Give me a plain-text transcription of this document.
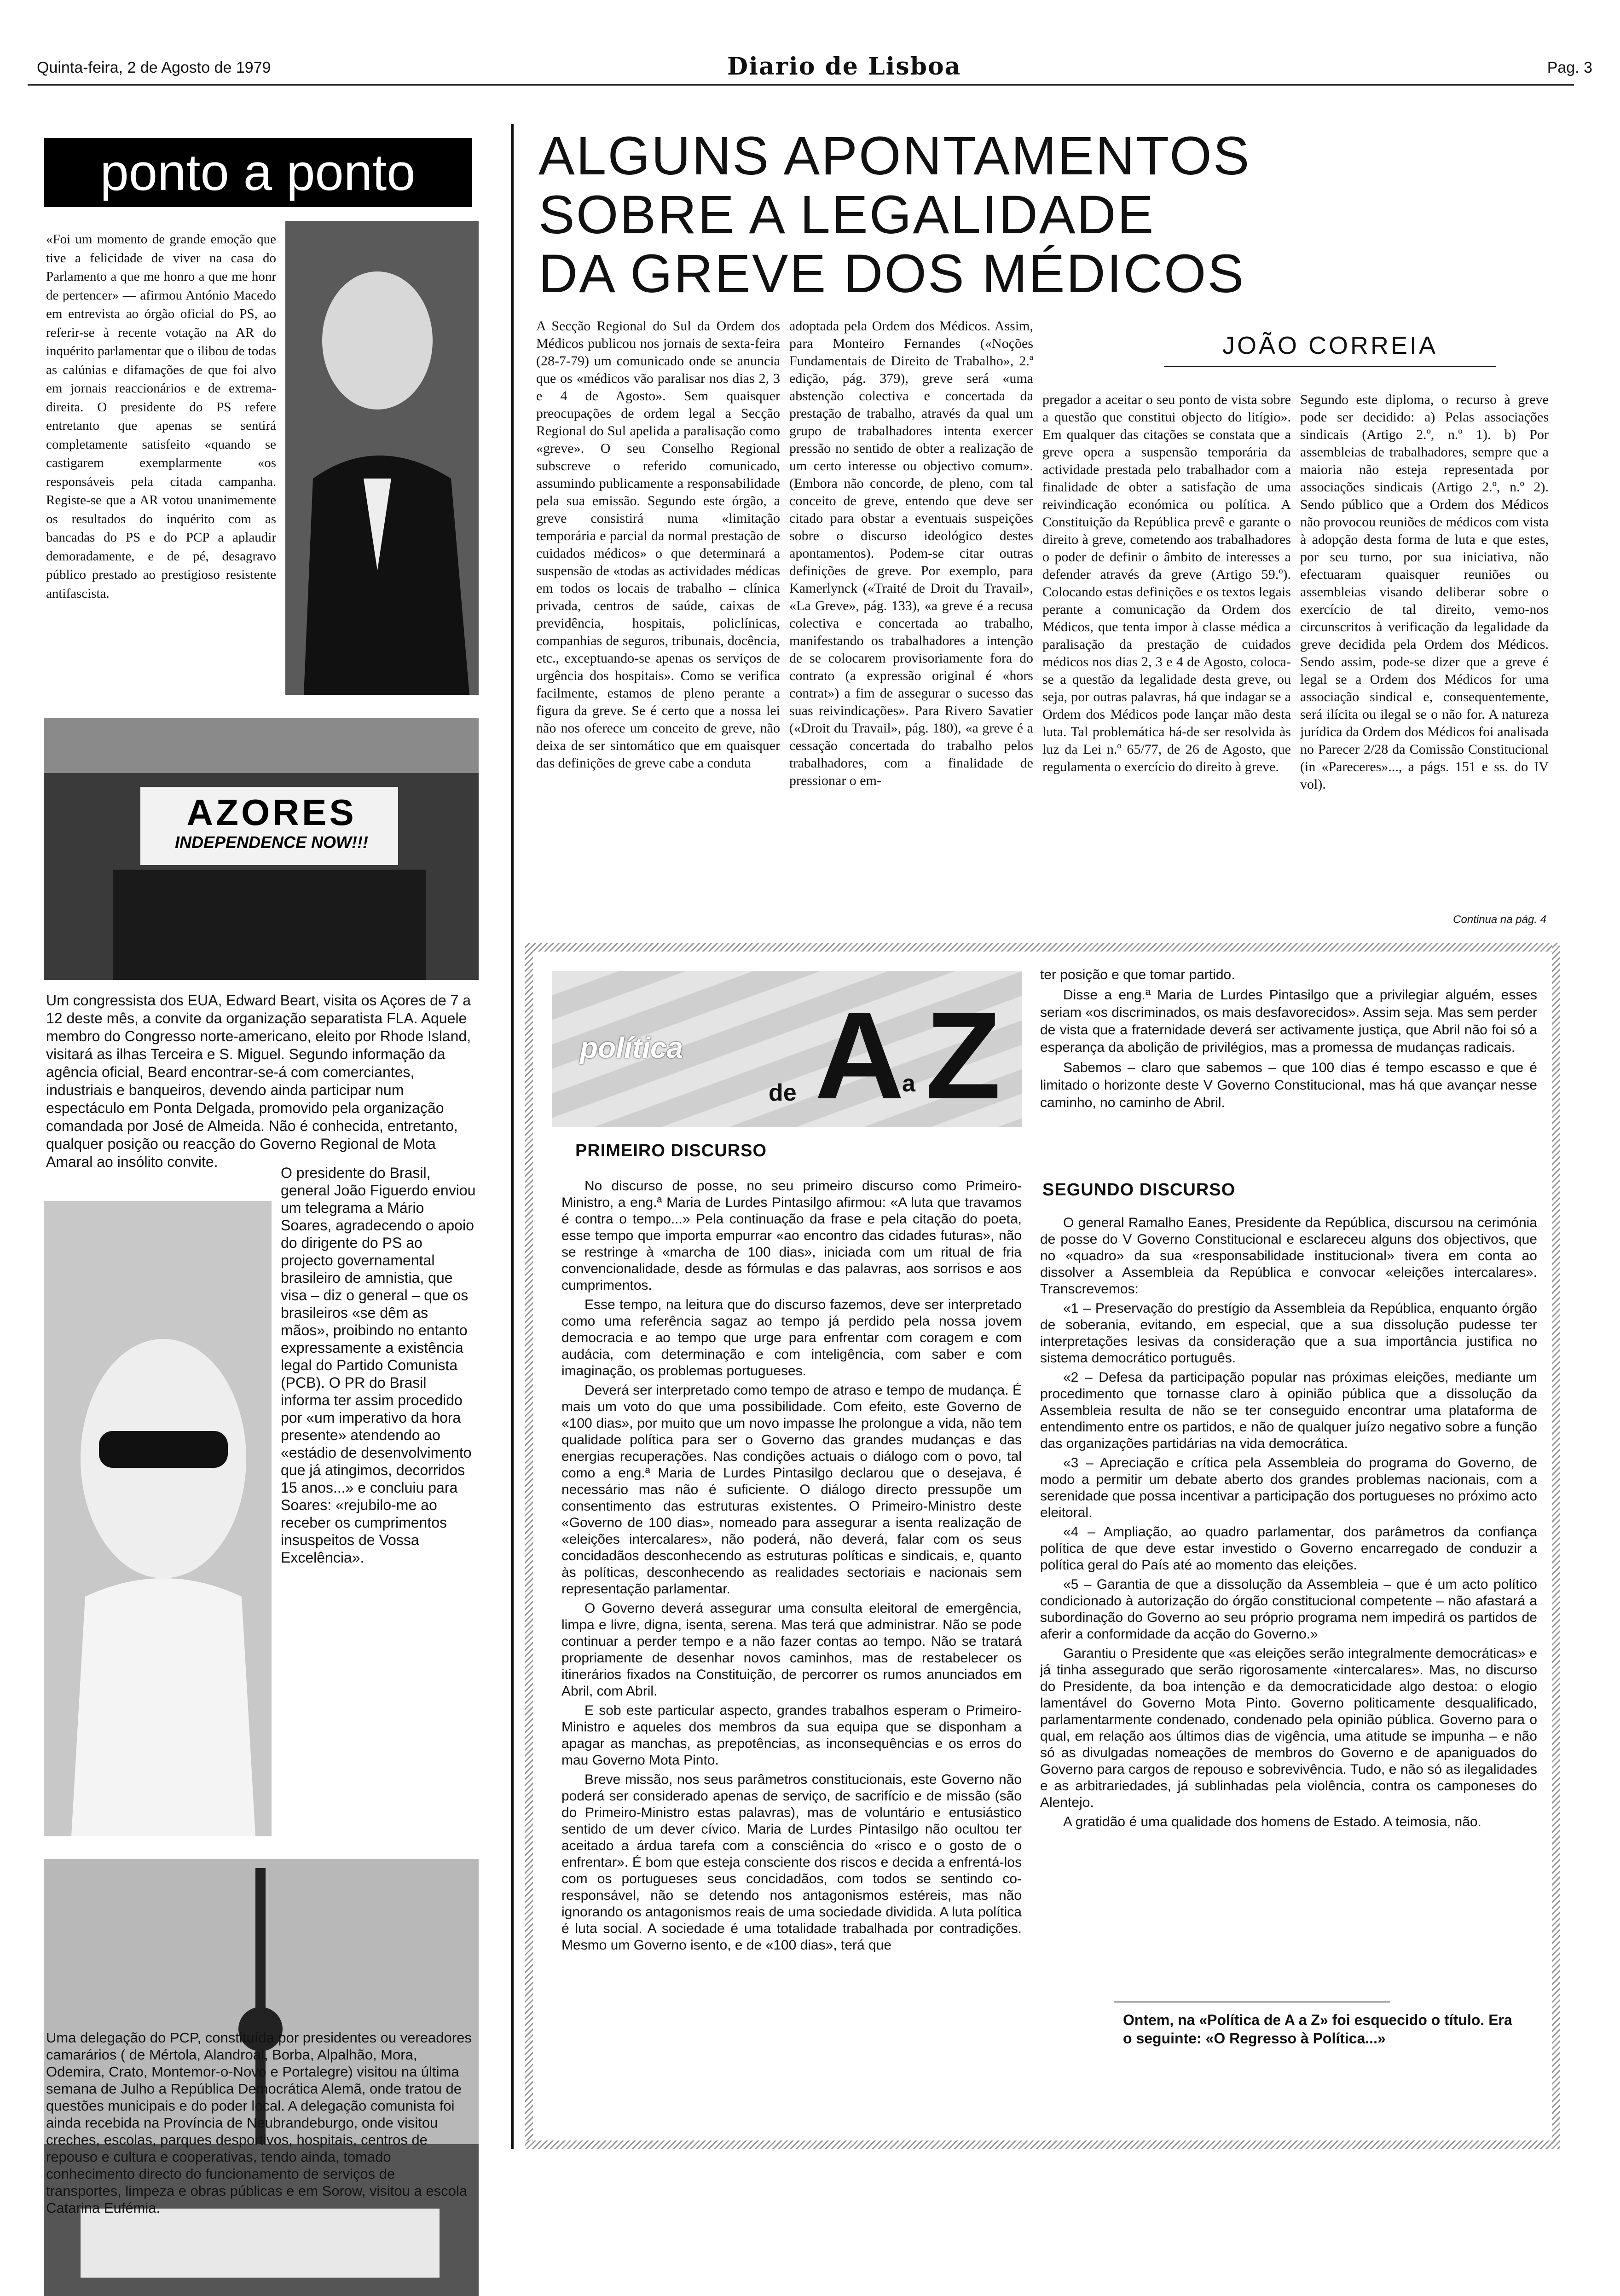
Quinta-feira, 2 de Agosto de 1979	Diario de Lisboa	Pag. 3
ponto a ponto
«Foi um momento de grande emoção que tive a felicidade de viver na casa do Parlamento a que me honro a que me honr de pertencer» — afirmou António Macedo em entrevista ao órgão oficial do PS, ao referir-se à recente votação na AR do inquérito parlamentar que o ilibou de todas as calúnias e difamações de que foi alvo em jornais reaccionários e de extrema-direita. O presidente do PS refere entretanto que apenas se sentirá completamente satisfeito «quando se castigarem exemplarmente «os responsáveis pela citada campanha. Registe-se que a AR votou unanimemente os resultados do inquérito com as bancadas do PS e do PCP a aplaudir demoradamente, e de pé, desagravo público prestado ao prestigioso resistente antifascista.
AZORES
INDEPENDENCE NOW!!!
Um congressista dos EUA, Edward Beart, visita os Açores de 7 a 12 deste mês, a convite da organização separatista FLA. Aquele membro do Congresso norte-americano, eleito por Rhode Island, visitará as ilhas Terceira e S. Miguel. Segundo informação da agência oficial, Beard encontrar-se-á com comerciantes, industriais e banqueiros, devendo ainda participar num espectáculo em Ponta Delgada, promovido pela organização comandada por José de Almeida. Não é conhecida, entretanto, qualquer posição ou reacção do Governo Regional de Mota Amaral ao insólito convite.
O presidente do Brasil, general João Figuerdo enviou um telegrama a Mário Soares, agradecendo o apoio do dirigente do PS ao projecto governamental brasileiro de amnistia, que visa – diz o general – que os brasileiros «se dêm as mãos», proibindo no entanto expressamente a existência legal do Partido Comunista (PCB). O PR do Brasil informa ter assim procedido por «um imperativo da hora presente» atendendo ao «estádio de desenvolvimento que já atingimos, decorridos 15 anos...» e concluiu para Soares: «rejubilo-me ao receber os cumprimentos insuspeitos de Vossa Excelência».
Uma delegação do PCP, constituída por presidentes ou vereadores camarários ( de Mértola, Alandroal, Borba, Alpalhão, Mora, Odemira, Crato, Montemor-o-Novo e Portalegre) visitou na última semana de Julho a República Democrática Alemã, onde tratou de questões municipais e do poder local. A delegação comunista foi ainda recebida na Província de Neubrandeburgo, onde visitou creches, escolas, parques desportivos, hospitais, centros de repouso e cultura e cooperativas, tendo ainda, tomado conhecimento directo do funcionamento de serviços de transportes, limpeza e obras públicas e em Sorow, visitou a escola Catarina Eufémia.
ALGUNS APONTAMENTOS
SOBRE A LEGALIDADE
DA GREVE DOS MÉDICOS
JOÃO CORREIA
A Secção Regional do Sul da Ordem dos Médicos publicou nos jornais de sexta-feira (28-7-79) um comunicado onde se anuncia que os «médicos vão paralisar nos dias 2, 3 e 4 de Agosto». Sem quaisquer preocupações de ordem legal a Secção Regional do Sul apelida a paralisação como «greve». O seu Conselho Regional subscreve o referido comunicado, assumindo publicamente a responsabilidade pela sua emissão. Segundo este órgão, a greve consistirá numa «limitação temporária e parcial da normal prestação de cuidados médicos» o que determinará a suspensão de «todas as actividades médicas em todos os locais de trabalho – clínica privada, centros de saúde, caixas de previdência, hospitais, policlínicas, companhias de seguros, tribunais, docência, etc., exceptuando-se apenas os serviços de urgência dos hospitais». Como se verifica facilmente, estamos de pleno perante a figura da greve. Se é certo que a nossa lei não nos oferece um conceito de greve, não deixa de ser sintomático que em quaisquer das definições de greve cabe a conduta
adoptada pela Ordem dos Médicos. Assim, para Monteiro Fernandes («Noções Fundamentais de Direito de Trabalho», 2.ª edição, pág. 379), greve será «uma abstenção colectiva e concertada da prestação de trabalho, através da qual um grupo de trabalhadores intenta exercer pressão no sentido de obter a realização de um certo interesse ou objectivo comum». (Embora não concorde, de pleno, com tal conceito de greve, entendo que deve ser citado para obstar a eventuais suspeições sobre o discurso ideológico destes apontamentos). Podem-se citar outras definições de greve. Por exemplo, para Kamerlynck («Traité de Droit du Travail», «La Greve», pág. 133), «a greve é a recusa colectiva e concertada ao trabalho, manifestando os trabalhadores a intenção de se colocarem provisoriamente fora do contrato (a expressão original é «hors contrat») a fim de assegurar o sucesso das suas reivindicações». Para Rivero Savatier («Droit du Travail», pág. 180), «a greve é a cessação concertada do trabalho pelos trabalhadores, com a finalidade de pressionar o em-
pregador a aceitar o seu ponto de vista sobre a questão que constitui objecto do litígio». Em qualquer das citações se constata que a greve opera a suspensão temporária da actividade prestada pelo trabalhador com a finalidade de obter a satisfação de uma reivindicação económica ou política. A Constituição da República prevê e garante o direito à greve, cometendo aos trabalhadores o poder de definir o âmbito de interesses a defender através da greve (Artigo 59.º). Colocando estas definições e os textos legais perante a comunicação da Ordem dos Médicos, que tenta impor à classe médica a paralisação da prestação de cuidados médicos nos dias 2, 3 e 4 de Agosto, coloca-se a questão da legalidade desta greve, ou seja, por outras palavras, há que indagar se a Ordem dos Médicos pode lançar mão desta luta. Tal problemática há-de ser resolvida às luz da Lei n.º 65/77, de 26 de Agosto, que regulamenta o exercício do direito à greve.
Segundo este diploma, o recurso à greve pode ser decidido: a) Pelas associações sindicais (Artigo 2.º, n.º 1). b) Por assembleias de trabalhadores, sempre que a maioria não esteja representada por associações sindicais (Artigo 2.º, n.º 2). Sendo público que a Ordem dos Médicos não provocou reuniões de médicos com vista à adopção desta forma de luta e que estes, por seu turno, por sua iniciativa, não efectuaram quaisquer reuniões ou assembleias visando deliberar sobre o exercício de tal direito, vemo-nos circunscritos à verificação da legalidade da greve decidida pela Ordem dos Médicos. Sendo assim, pode-se dizer que a greve é legal se a Ordem dos Médicos for uma associação sindical e, consequentemente, será ilícita ou ilegal se o não for. A natureza jurídica da Ordem dos Médicos foi analisada no Parecer 2/28 da Comissão Constitucional (in «Pareceres»..., a págs. 151 e ss. do IV vol).
Continua na pág. 4
política
de A
a Z
PRIMEIRO DISCURSO

No discurso de posse, no seu primeiro discurso como Primeiro-Ministro, a eng.ª Maria de Lurdes Pintasilgo afirmou: «A luta que travamos é contra o tempo...» Pela continuação da frase e pela citação do poeta, esse tempo que importa empurrar «ao encontro das cidades futuras», não se restringe à «marcha de 100 dias», iniciada com um ritual de fria convencionalidade, desde as fórmulas e das palavras, aos sorrisos e aos cumprimentos.

Esse tempo, na leitura que do discurso fazemos, deve ser interpretado como uma referência sagaz ao tempo já perdido pela nossa jovem democracia e ao tempo que urge para enfrentar com coragem e com audácia, com determinação e com inteligência, com saber e com imaginação, os problemas portugueses.

Deverá ser interpretado como tempo de atraso e tempo de mudança. É mais um voto do que uma possibilidade. Com efeito, este Governo de «100 dias», por muito que um novo impasse lhe prolongue a vida, não tem qualidade política para ser o Governo das grandes mudanças e das energias recuperações. Nas condições actuais o diálogo com o povo, tal como a eng.ª Maria de Lurdes Pintasilgo declarou que o desejava, é necessário mas não é suficiente. O diálogo directo pressupõe um consentimento das estruturas existentes. O Primeiro-Ministro deste «Governo de 100 dias», nomeado para assegurar a isenta realização de «eleições intercalares», não poderá, não deverá, falar com os seus concidadãos desconhecendo as estruturas políticas e sindicais, e, quanto às políticas, desconhecendo as realidades sectoriais e nacionais sem representação parlamentar.

O Governo deverá assegurar uma consulta eleitoral de emergência, limpa e livre, digna, isenta, serena. Mas terá que administrar. Não se pode continuar a perder tempo e a não fazer contas ao tempo. Não se tratará propriamente de desenhar novos caminhos, mas de restabelecer os itinerários fixados na Constituição, de percorrer os rumos anunciados em Abril, com Abril.

E sob este particular aspecto, grandes trabalhos esperam o Primeiro-Ministro e aqueles dos membros da sua equipa que se disponham a apagar as manchas, as prepotências, as inconsequências e os erros do mau Governo Mota Pinto.

Breve missão, nos seus parâmetros constitucionais, este Governo não poderá ser considerado apenas de serviço, de sacrifício e de missão (são do Primeiro-Ministro estas palavras), mas de voluntário e entusiástico sentido de um dever cívico. Maria de Lurdes Pintasilgo não ocultou ter aceitado a árdua tarefa com a consciência do «risco e o gosto de o enfrentar». É bom que esteja consciente dos riscos e decida a enfrentá-los com os portugueses seus concidadãos, com todos se sentindo co-responsável, não se detendo nos antagonismos estéreis, mas não ignorando os antagonismos reais de uma sociedade dividida. A luta política é luta social. A sociedade é uma totalidade trabalhada por contradições. Mesmo um Governo isento, e de «100 dias», terá que

ter posição e que tomar partido.

Disse a eng.ª Maria de Lurdes Pintasilgo que a privilegiar alguém, esses seriam «os discriminados, os mais desfavorecidos». Assim seja. Mas sem perder de vista que a fraternidade deverá ser activamente justiça, que Abril não foi só a esperança da abolição de privilégios, mas a promessa de mudanças radicais.

Sabemos – claro que sabemos – que 100 dias é tempo escasso e que é limitado o horizonte deste V Governo Constitucional, mas há que avançar nesse caminho, no caminho de Abril.

SEGUNDO DISCURSO

O general Ramalho Eanes, Presidente da República, discursou na cerimónia de posse do V Governo Constitucional e esclareceu alguns dos objectivos, que no «quadro» da sua «responsabilidade institucional» tivera em conta ao dissolver a Assembleia da República e convocar «eleições intercalares». Transcrevemos:

«1 – Preservação do prestígio da Assembleia da República, enquanto órgão de soberania, evitando, em especial, que a sua dissolução pudesse ter interpretações lesivas da consideração que a sua importância justifica no sistema democrático português.

«2 – Defesa da participação popular nas próximas eleições, mediante um procedimento que tornasse claro à opinião pública que a dissolução da Assembleia resulta de não se ter conseguido encontrar uma plataforma de entendimento entre os partidos, e não de qualquer juízo negativo sobre a função das organizações partidárias na vida democrática.

«3 – Apreciação e crítica pela Assembleia do programa do Governo, de modo a permitir um debate aberto dos grandes problemas nacionais, com a serenidade que possa incentivar a participação dos portugueses no próximo acto eleitoral.

«4 – Ampliação, ao quadro parlamentar, dos parâmetros da confiança política de que deve estar investido o Governo encarregado de conduzir a política geral do País até ao momento das eleições.

«5 – Garantia de que a dissolução da Assembleia – que é um acto político condicionado à autorização do órgão constitucional competente – não afastará a subordinação do Governo ao seu próprio programa nem impedirá os partidos de aferir a conformidade da acção do Governo.»

Garantiu o Presidente que «as eleições serão integralmente democráticas» e já tinha assegurado que serão rigorosamente «intercalares». Mas, no discurso do Presidente, da boa intenção e da democraticidade algo destoa: o elogio lamentável do Governo Mota Pinto. Governo politicamente desqualificado, parlamentarmente condenado, condenado pela opinião pública. Governo para o qual, em relação aos últimos dias de vigência, uma atitude se impunha – e não só as divulgadas nomeações de membros do Governo e de apaniguados do Governo para cargos de repouso e sobrevivência. Tudo, e não só as ilegalidades e as arbitrariedades, já sublinhadas pela violência, contra os camponeses do Alentejo.

A gratidão é uma qualidade dos homens de Estado. A teimosia, não.

Ontem, na «Política de A a Z» foi esquecido o título. Era o seguinte: «O Regresso à Política...»
